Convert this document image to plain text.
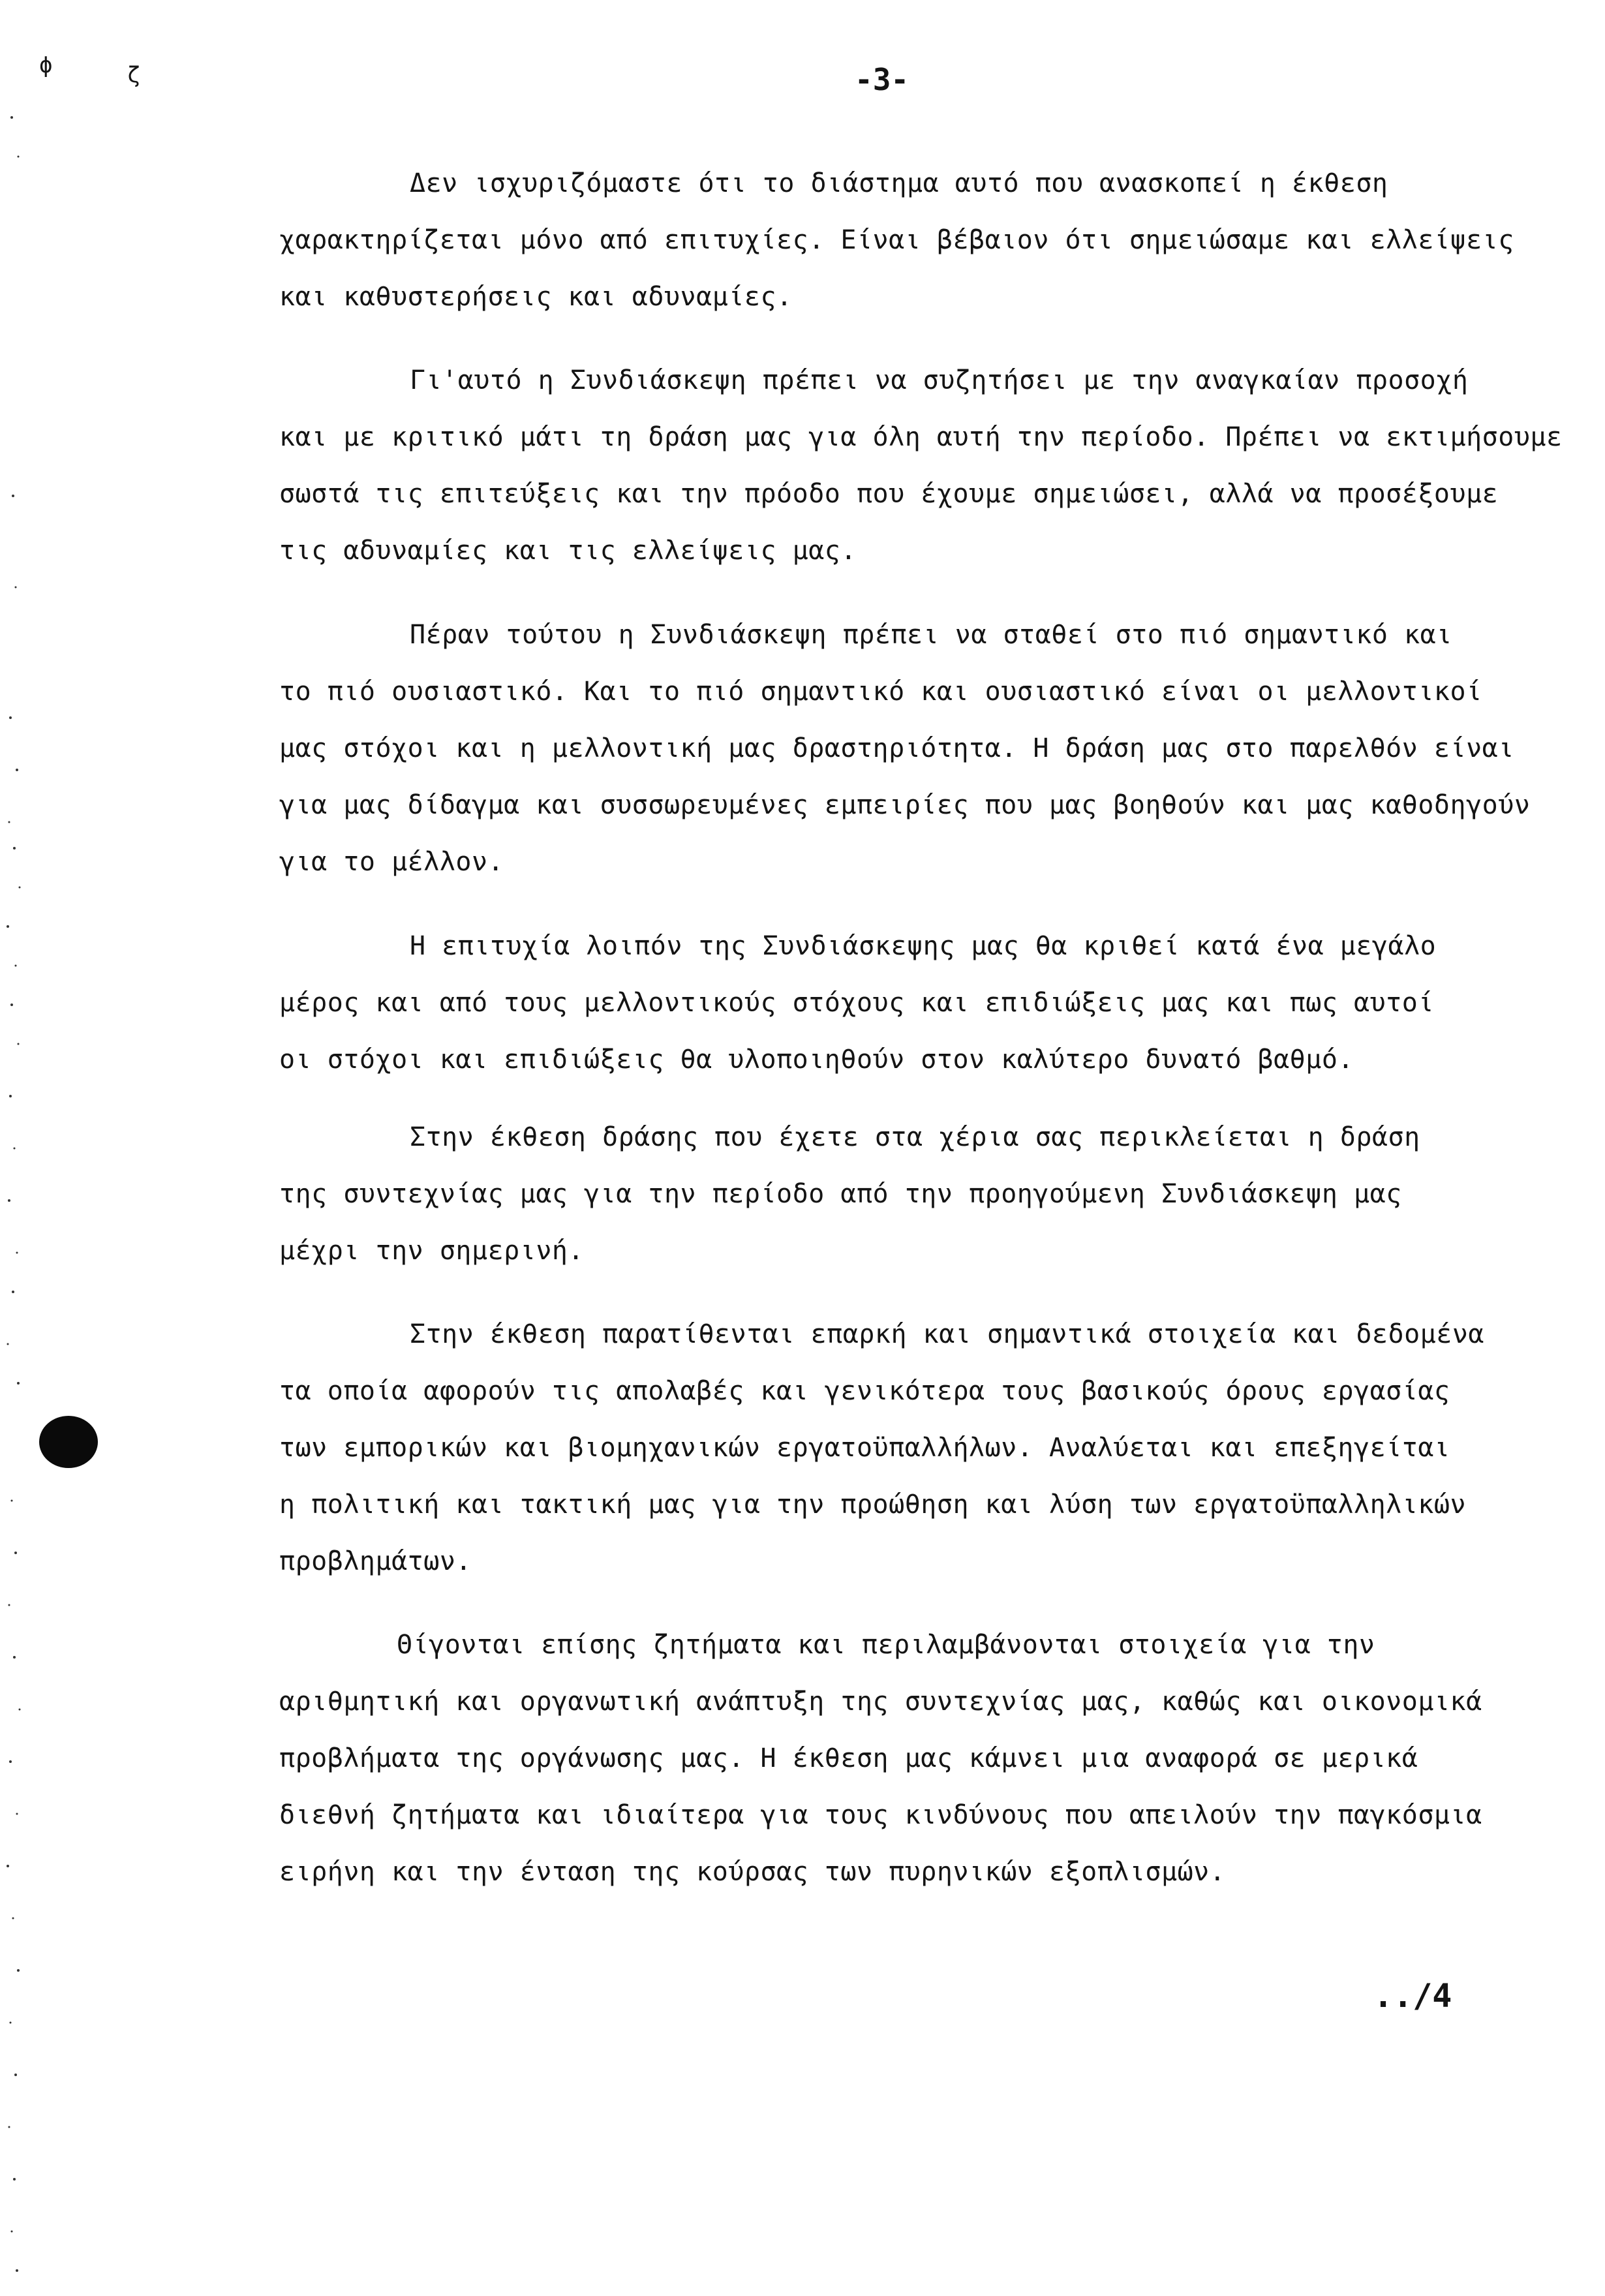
ϕ	ζ	-3-
Δεν ισχυριζόμαστε ότι το διάστημα αυτό που ανασκοπεί η έκθεση
χαρακτηρίζεται μόνο από επιτυχίες. Είναι βέβαιον ότι σημειώσαμε και ελλείψεις
και καθυστερήσεις και αδυναμίες.
Γι'αυτό η Συνδιάσκεψη πρέπει να συζητήσει με την αναγκαίαν προσοχή
και με κριτικό μάτι τη δράση μας για όλη αυτή την περίοδο. Πρέπει να εκτιμήσουμε
σωστά τις επιτεύξεις και την πρόοδο που έχουμε σημειώσει, αλλά να προσέξουμε
τις αδυναμίες και τις ελλείψεις μας.
Πέραν τούτου η Συνδιάσκεψη πρέπει να σταθεί στο πιό σημαντικό και
το πιό ουσιαστικό. Και το πιό σημαντικό και ουσιαστικό είναι οι μελλοντικοί
μας στόχοι και η μελλοντική μας δραστηριότητα. Η δράση μας στο παρελθόν είναι
για μας δίδαγμα και συσσωρευμένες εμπειρίες που μας βοηθούν και μας καθοδηγούν
για το μέλλον.
Η επιτυχία λοιπόν της Συνδιάσκεψης μας θα κριθεί κατά ένα μεγάλο
μέρος και από τους μελλοντικούς στόχους και επιδιώξεις μας και πως αυτοί
οι στόχοι και επιδιώξεις θα υλοποιηθούν στον καλύτερο δυνατό βαθμό.
Στην έκθεση δράσης που έχετε στα χέρια σας περικλείεται η δράση
της συντεχνίας μας για την περίοδο από την προηγούμενη Συνδιάσκεψη μας
μέχρι την σημερινή.
Στην έκθεση παρατίθενται επαρκή και σημαντικά στοιχεία και δεδομένα
τα οποία αφορούν τις απολαβές και γενικότερα τους βασικούς όρους εργασίας
των εμπορικών και βιομηχανικών εργατοϋπαλλήλων. Αναλύεται και επεξηγείται
η πολιτική και τακτική μας για την προώθηση και λύση των εργατοϋπαλληλικών
προβλημάτων.
Θίγονται επίσης ζητήματα και περιλαμβάνονται στοιχεία για την
αριθμητική και οργανωτική ανάπτυξη της συντεχνίας μας, καθώς και οικονομικά
προβλήματα της οργάνωσης μας. Η έκθεση μας κάμνει μια αναφορά σε μερικά
διεθνή ζητήματα και ιδιαίτερα για τους κινδύνους που απειλούν την παγκόσμια
ειρήνη και την ένταση της κούρσας των πυρηνικών εξοπλισμών.
../4
